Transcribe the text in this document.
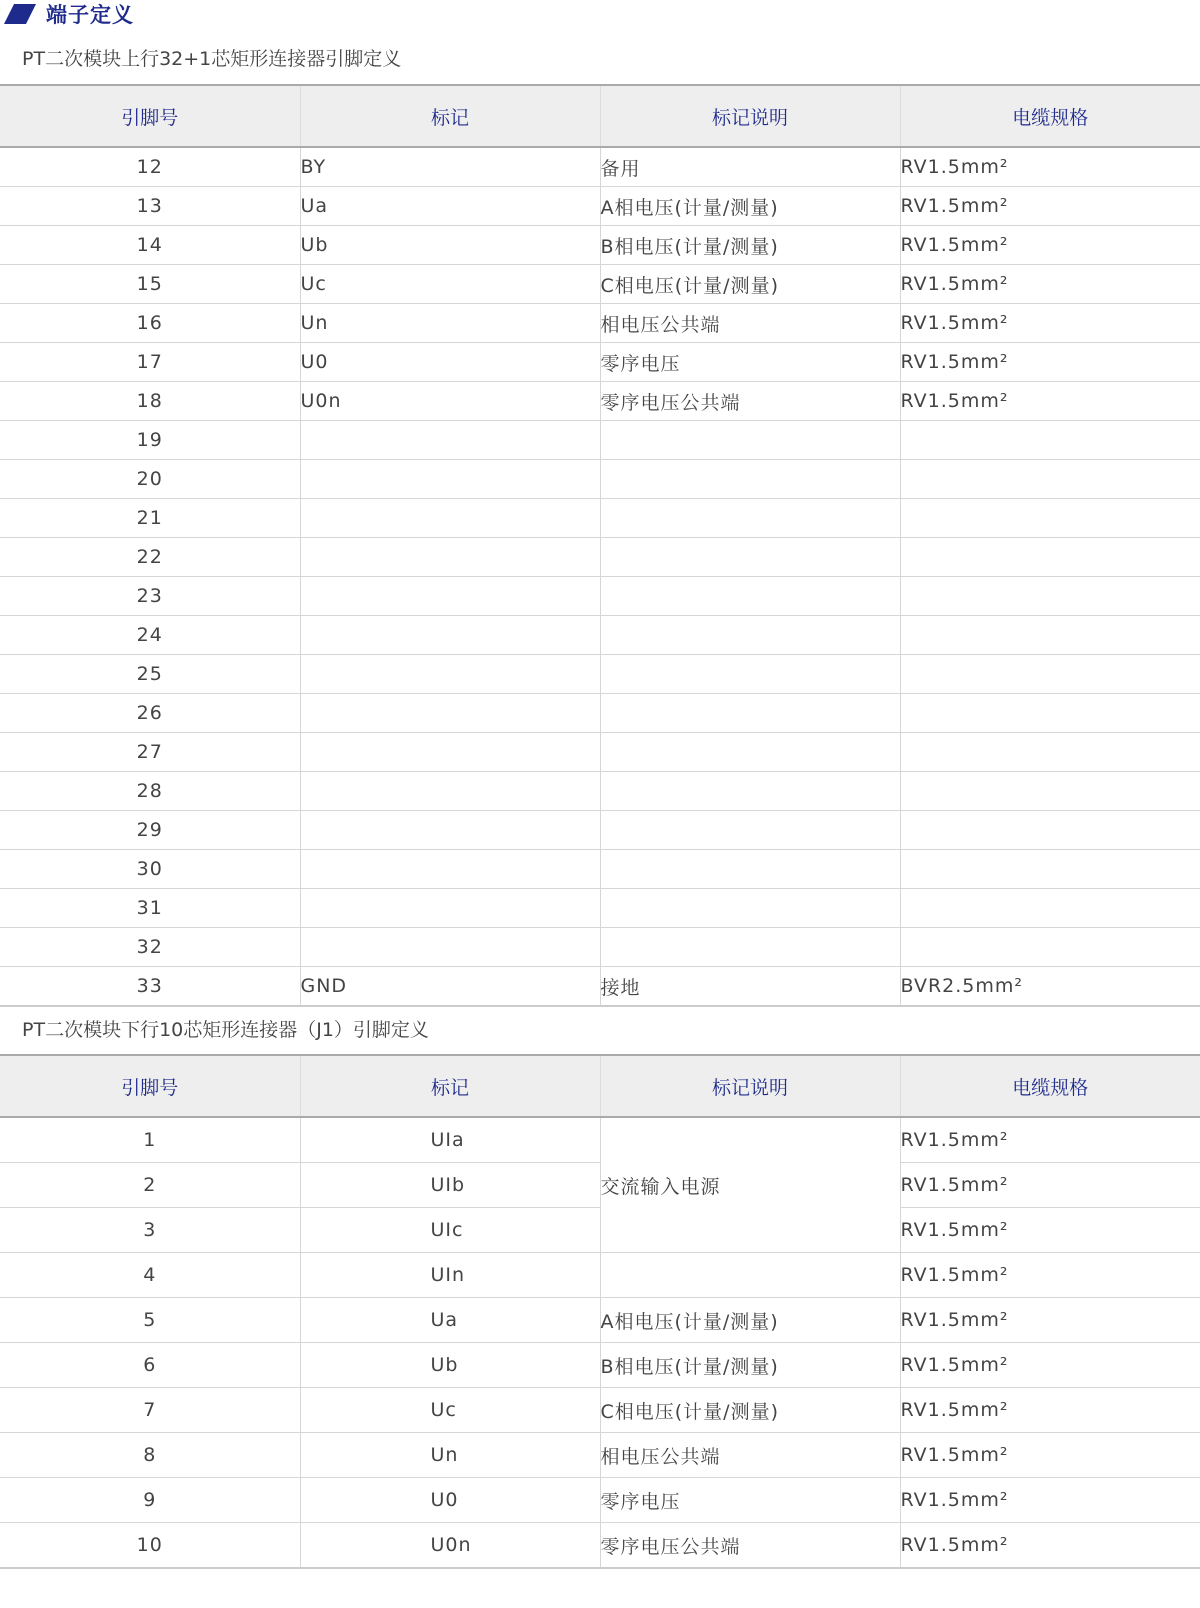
端子定义
PT二次模块上行32+1芯矩形连接器引脚定义
引脚号	标记	标记说明	电缆规格
12	BY	备用	RV1.5mm²
13	Ua	A相电压(计量/测量)	RV1.5mm²
14	Ub	B相电压(计量/测量)	RV1.5mm²
15	Uc	C相电压(计量/测量)	RV1.5mm²
16	Un	相电压公共端	RV1.5mm²
17	U0	零序电压	RV1.5mm²
18	U0n	零序电压公共端	RV1.5mm²
19			
20			
21			
22			
23			
24			
25			
26			
27			
28			
29			
30			
31			
32			
33	GND	接地	BVR2.5mm²
PT二次模块下行10芯矩形连接器（J1）引脚定义
引脚号	标记	标记说明	电缆规格
1	UIa	交流输入电源	RV1.5mm²
2	UIb		RV1.5mm²
3	UIc		RV1.5mm²
4	UIn		RV1.5mm²
5	Ua	A相电压(计量/测量)	RV1.5mm²
6	Ub	B相电压(计量/测量)	RV1.5mm²
7	Uc	C相电压(计量/测量)	RV1.5mm²
8	Un	相电压公共端	RV1.5mm²
9	U0	零序电压	RV1.5mm²
10	U0n	零序电压公共端	RV1.5mm²
